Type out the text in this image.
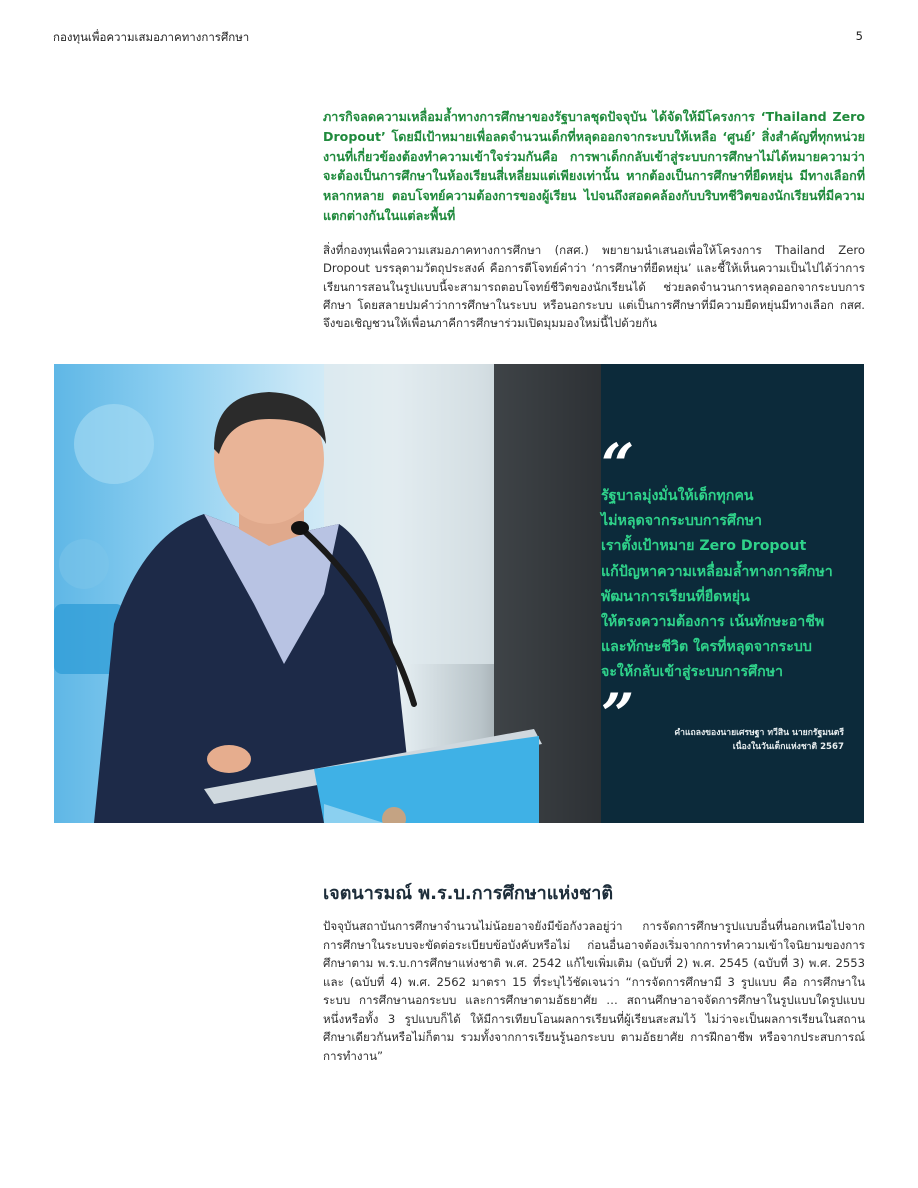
กองทุนเพื่อความเสมอภาคทางการศึกษา	5

ภารกิจลดความเหลื่อมล้ำทางการศึกษาของรัฐบาลชุดปัจจุบัน ได้จัดให้มีโครงการ ‘Thailand Zero Dropout’ โดยมีเป้าหมายเพื่อลดจำนวนเด็กที่หลุดออกจากระบบให้เหลือ ‘ศูนย์’ สิ่งสำคัญที่ทุกหน่วยงานที่เกี่ยวข้องต้องทำความเข้าใจร่วมกันคือ การพาเด็กกลับเข้าสู่ระบบการศึกษาไม่ได้หมายความว่าจะต้องเป็นการศึกษาในห้องเรียนสี่เหลี่ยมแต่เพียงเท่านั้น หากต้องเป็นการศึกษาที่ยืดหยุ่น มีทางเลือกที่หลากหลาย ตอบโจทย์ความต้องการของผู้เรียน ไปจนถึงสอดคล้องกับบริบทชีวิตของนักเรียนที่มีความแตกต่างกันในแต่ละพื้นที่

สิ่งที่กองทุนเพื่อความเสมอภาคทางการศึกษา (กสศ.) พยายามนำเสนอเพื่อให้โครงการ Thailand Zero Dropout บรรลุตามวัตถุประสงค์ คือการตีโจทย์คำว่า ‘การศึกษาที่ยืดหยุ่น’ และชี้ให้เห็นความเป็นไปได้ว่าการเรียนการสอนในรูปแบบนี้จะสามารถตอบโจทย์ชีวิตของนักเรียนได้ ช่วยลดจำนวนการหลุดออกจากระบบการศึกษา โดยสลายปมคำว่าการศึกษาในระบบ หรือนอกระบบ แต่เป็นการศึกษาที่มีความยืดหยุ่นมีทางเลือก กสศ. จึงขอเชิญชวนให้เพื่อนภาคีการศึกษาร่วมเปิดมุมมองใหม่นี้ไปด้วยกัน

“
รัฐบาลมุ่งมั่นให้เด็กทุกคน
ไม่หลุดจากระบบการศึกษา
เราตั้งเป้าหมาย Zero Dropout
แก้ปัญหาความเหลื่อมล้ำทางการศึกษา
พัฒนาการเรียนที่ยืดหยุ่น
ให้ตรงความต้องการ เน้นทักษะอาชีพ
และทักษะชีวิต ใครที่หลุดจากระบบ
จะให้กลับเข้าสู่ระบบการศึกษา
”	คำแถลงของนายเศรษฐา ทวีสิน นายกรัฐมนตรี
เนื่องในวันเด็กแห่งชาติ 2567
เจตนารมณ์ พ.ร.บ.การศึกษาแห่งชาติ

ปัจจุบันสถาบันการศึกษาจำนวนไม่น้อยอาจยังมีข้อกังวลอยู่ว่า การจัดการศึกษารูปแบบอื่นที่นอกเหนือไปจากการศึกษาในระบบจะขัดต่อระเบียบข้อบังคับหรือไม่ ก่อนอื่นอาจต้องเริ่มจากการทำความเข้าใจนิยามของการศึกษาตาม พ.ร.บ.การศึกษาแห่งชาติ พ.ศ. 2542 แก้ไขเพิ่มเติม (ฉบับที่ 2) พ.ศ. 2545 (ฉบับที่ 3) พ.ศ. 2553 และ (ฉบับที่ 4) พ.ศ. 2562 มาตรา 15 ที่ระบุไว้ชัดเจนว่า “การจัดการศึกษามี 3 รูปแบบ คือ การศึกษาในระบบ การศึกษานอกระบบ และการศึกษาตามอัธยาศัย … สถานศึกษาอาจจัดการศึกษาในรูปแบบใดรูปแบบหนึ่งหรือทั้ง 3 รูปแบบก็ได้ ให้มีการเทียบโอนผลการเรียนที่ผู้เรียนสะสมไว้ ไม่ว่าจะเป็นผลการเรียนในสถานศึกษาเดียวกันหรือไม่ก็ตาม รวมทั้งจากการเรียนรู้นอกระบบ ตามอัธยาศัย การฝึกอาชีพ หรือจากประสบการณ์การทำงาน”
